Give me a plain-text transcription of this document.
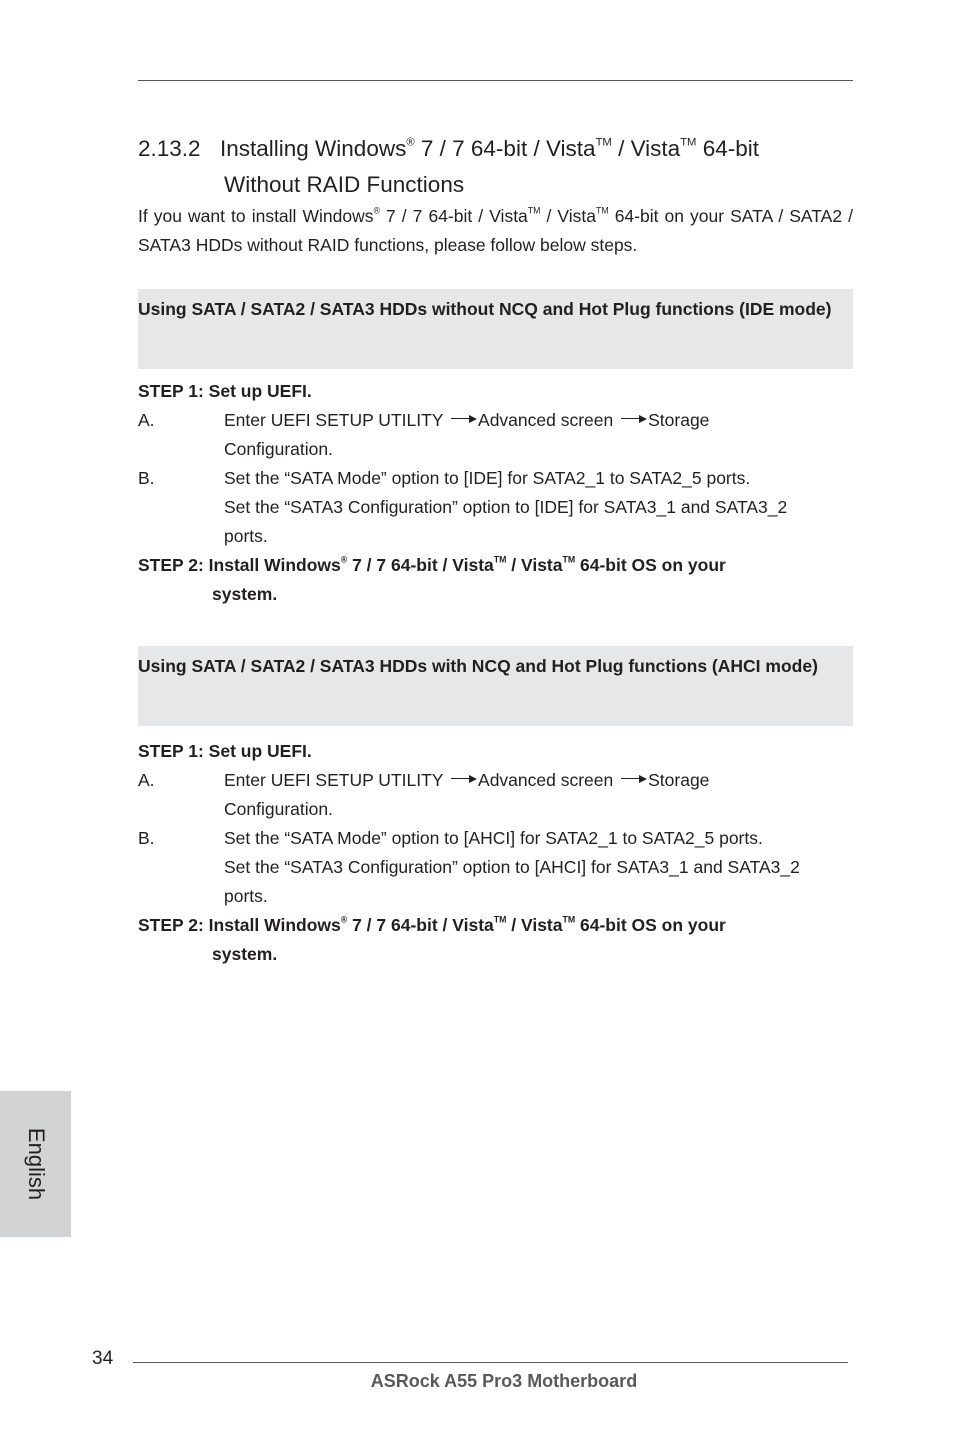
2.13.2 Installing Windows® 7 / 7 64-bit / Vista™ / Vista™ 64-bit
Without RAID Functions
If you want to install Windows® 7 / 7 64-bit / Vista™ / Vista™ 64-bit on your SATA / SATA2 / SATA3 HDDs without RAID functions, please follow below steps.
Using SATA / SATA2 / SATA3 HDDs without NCQ and Hot Plug functions (IDE mode)
STEP 1: Set up UEFI.
A.	Enter UEFI SETUP UTILITY Advanced screen Storage
Configuration.
B.	Set the “SATA Mode” option to [IDE] for SATA2_1 to SATA2_5 ports.
Set the “SATA3 Configuration” option to [IDE] for SATA3_1 and SATA3_2
ports.
STEP 2: Install Windows® 7 / 7 64-bit / Vista™ / Vista™ 64-bit OS on your
system.
Using SATA / SATA2 / SATA3 HDDs with NCQ and Hot Plug functions (AHCI mode)
STEP 1: Set up UEFI.
A.	Enter UEFI SETUP UTILITY Advanced screen Storage
Configuration.
B.	Set the “SATA Mode” option to [AHCI] for SATA2_1 to SATA2_5 ports.
Set the “SATA3 Configuration” option to [AHCI] for SATA3_1 and SATA3_2
ports.
STEP 2: Install Windows® 7 / 7 64-bit / Vista™ / Vista™ 64-bit OS on your
system.
English
34
ASRock A55 Pro3 Motherboard
